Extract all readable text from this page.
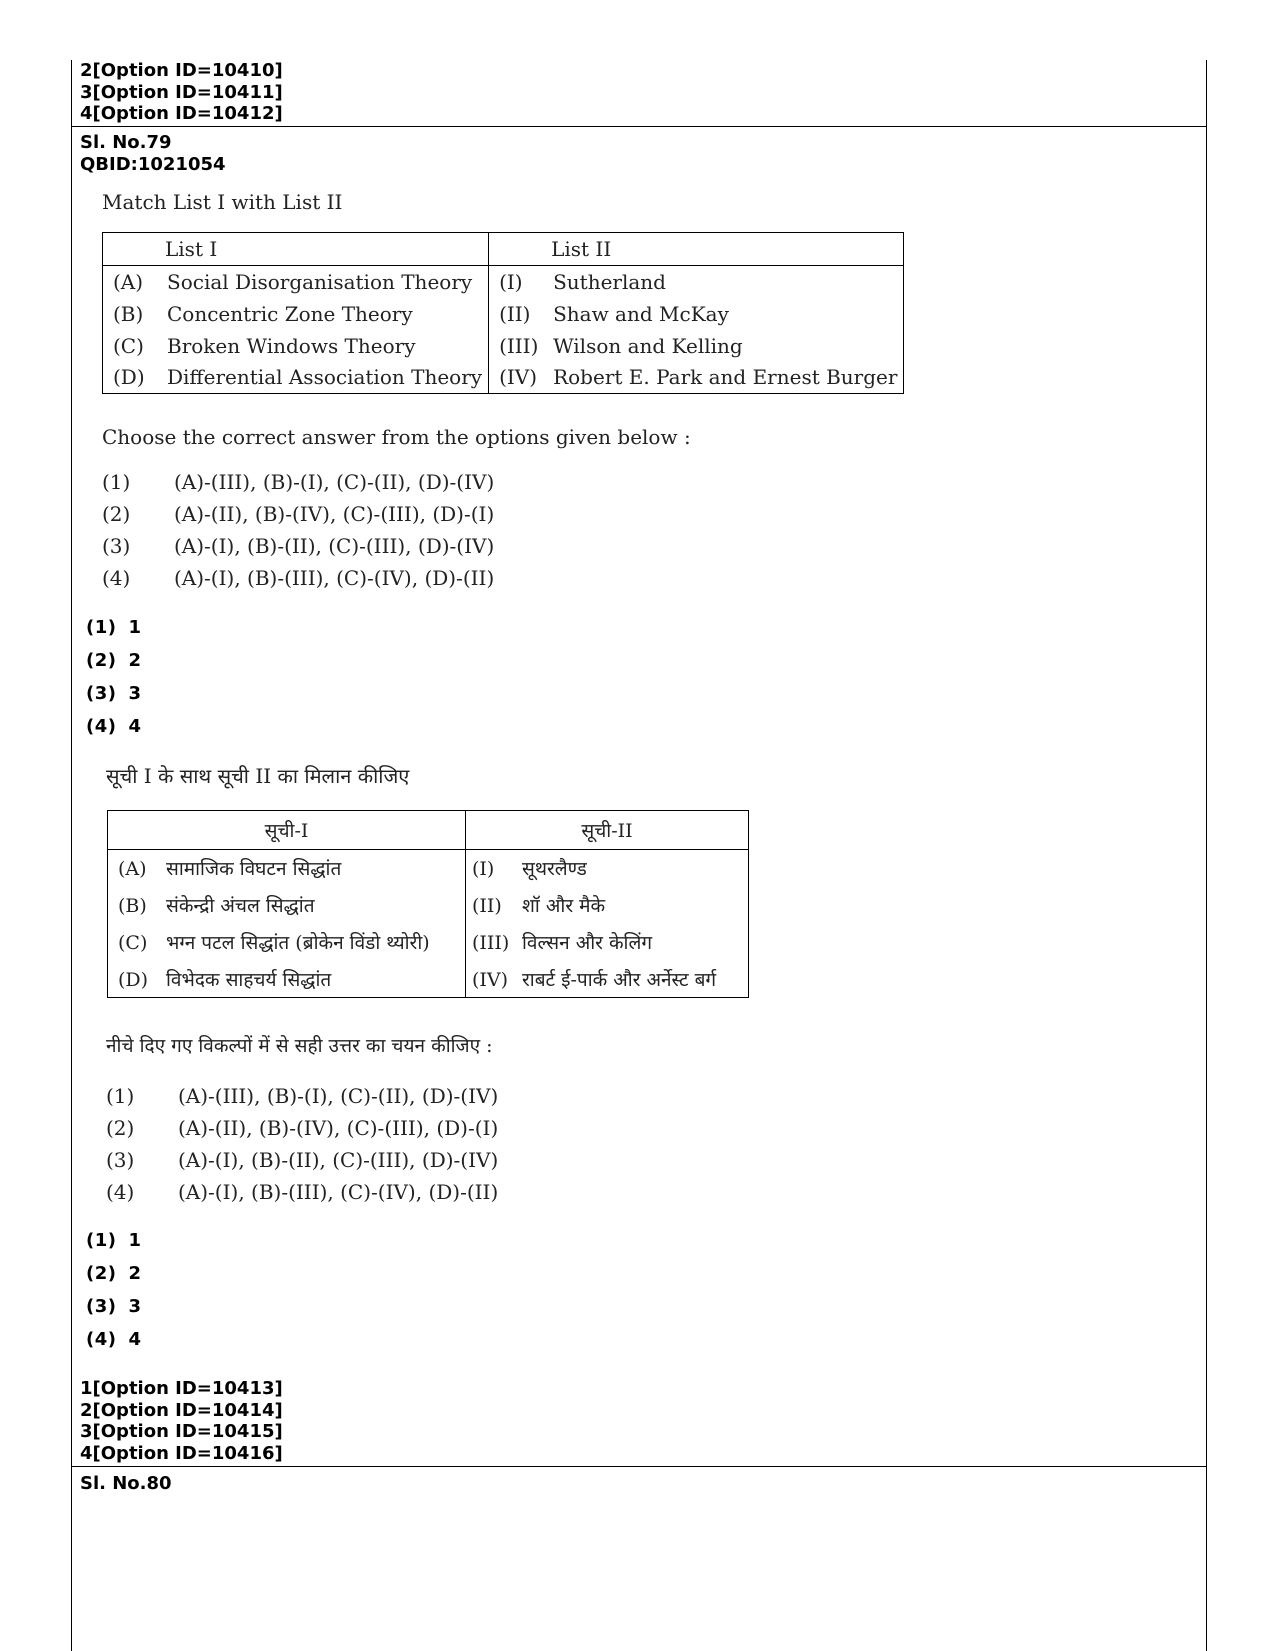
2[Option ID=10410]
3[Option ID=10411]
4[Option ID=10412]
Sl. No.79
QBID:1021054
Match List I with List II
List I	List II
(A) Social Disorganisation Theory	(I) Sutherland
(B) Concentric Zone Theory	(II) Shaw and McKay
(C) Broken Windows Theory	(III) Wilson and Kelling
(D) Differential Association Theory	(IV) Robert E. Park and Ernest Burger
Choose the correct answer from the options given below :
(1) (A)-(III), (B)-(I), (C)-(II), (D)-(IV)
(2) (A)-(II), (B)-(IV), (C)-(III), (D)-(I)
(3) (A)-(I), (B)-(II), (C)-(III), (D)-(IV)
(4) (A)-(I), (B)-(III), (C)-(IV), (D)-(II)
(1) 1
(2) 2
(3) 3
(4) 4
सूची I के साथ सूची II का मिलान कीजिए
सूची-I	सूची-II
(A) सामाजिक विघटन सिद्धांत	(I) सूथरलैण्ड
(B) संकेन्द्री अंचल सिद्धांत	(II) शॉ और मैके
(C) भग्न पटल सिद्धांत (ब्रोकेन विंडो थ्योरी)	(III) विल्सन और केलिंग
(D) विभेदक साहचर्य सिद्धांत	(IV) राबर्ट ई-पार्क और अर्नेस्ट बर्ग
नीचे दिए गए विकल्पों में से सही उत्तर का चयन कीजिए :
(1) (A)-(III), (B)-(I), (C)-(II), (D)-(IV)
(2) (A)-(II), (B)-(IV), (C)-(III), (D)-(I)
(3) (A)-(I), (B)-(II), (C)-(III), (D)-(IV)
(4) (A)-(I), (B)-(III), (C)-(IV), (D)-(II)
(1) 1
(2) 2
(3) 3
(4) 4
1[Option ID=10413]
2[Option ID=10414]
3[Option ID=10415]
4[Option ID=10416]
Sl. No.80
